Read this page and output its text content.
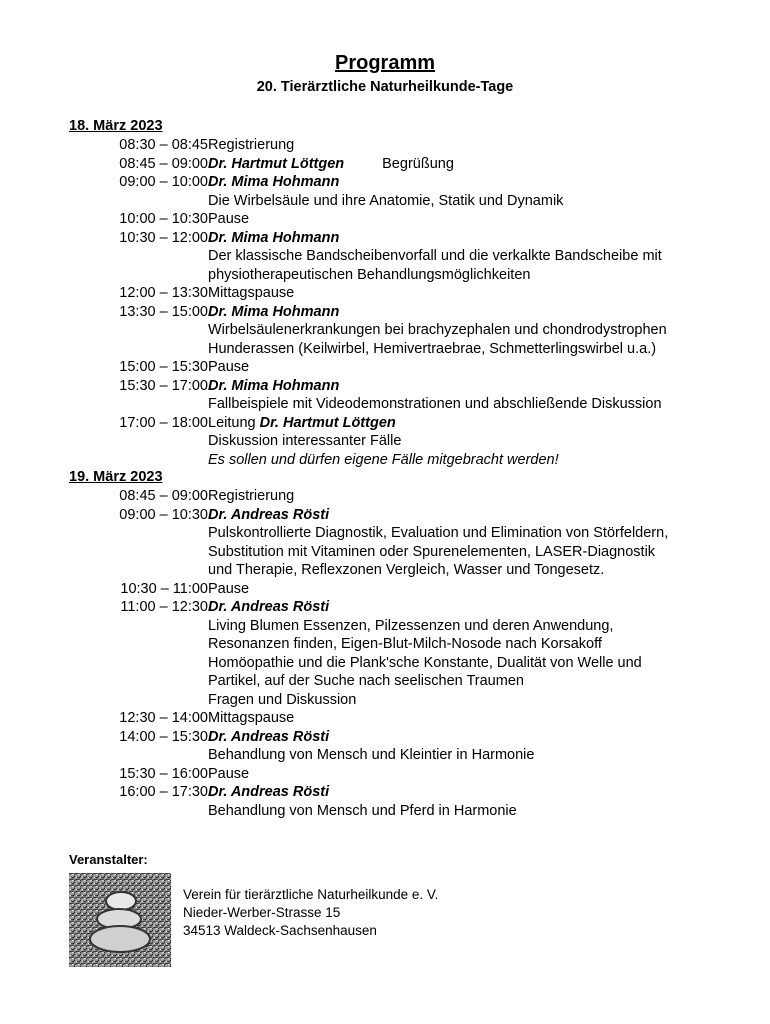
Programm
20. Tierärztliche Naturheilkunde-Tage
18. März 2023
08:30 – 08:45 Registrierung
08:45 – 09:00 Dr. Hartmut Löttgen	Begrüßung
09:00 – 10:00 Dr. Mima Hohmann
Die Wirbelsäule und ihre Anatomie, Statik und Dynamik
10:00 – 10:30 Pause
10:30 – 12:00 Dr. Mima Hohmann
Der klassische Bandscheibenvorfall und die verkalkte Bandscheibe mit
physiotherapeutischen Behandlungsmöglichkeiten
12:00 – 13:30 Mittagspause
13:30 – 15:00 Dr. Mima Hohmann
Wirbelsäulenerkrankungen bei brachyzephalen und chondrodystrophen
Hunderassen (Keilwirbel, Hemivertraebrae, Schmetterlingswirbel u.a.)
15:00 – 15:30 Pause
15:30 – 17:00 Dr. Mima Hohmann
Fallbeispiele mit Videodemonstrationen und abschließende Diskussion
17:00 – 18:00 Leitung Dr. Hartmut Löttgen
Diskussion interessanter Fälle
Es sollen und dürfen eigene Fälle mitgebracht werden!
19. März 2023
08:45 – 09:00 Registrierung
09:00 – 10:30 Dr. Andreas Rösti
Pulskontrollierte Diagnostik, Evaluation und Elimination von Störfeldern,
Substitution mit Vitaminen oder Spurenelementen, LASER-Diagnostik
und Therapie, Reflexzonen Vergleich, Wasser und Tongesetz.
10:30 – 11:00 Pause
11:00 – 12:30 Dr. Andreas Rösti
Living Blumen Essenzen, Pilzessenzen und deren Anwendung,
Resonanzen finden, Eigen-Blut-Milch-Nosode nach Korsakoff
Homöopathie und die Plank'sche Konstante, Dualität von Welle und
Partikel, auf der Suche nach seelischen Traumen
Fragen und Diskussion
12:30 – 14:00 Mittagspause
14:00 – 15:30 Dr. Andreas Rösti
Behandlung von Mensch und Kleintier in Harmonie
15:30 – 16:00 Pause
16:00 – 17:30 Dr. Andreas Rösti
Behandlung von Mensch und Pferd in Harmonie
Veranstalter:
Verein für tierärztliche Naturheilkunde e. V.
Nieder-Werber-Strasse 15
34513 Waldeck-Sachsenhausen
